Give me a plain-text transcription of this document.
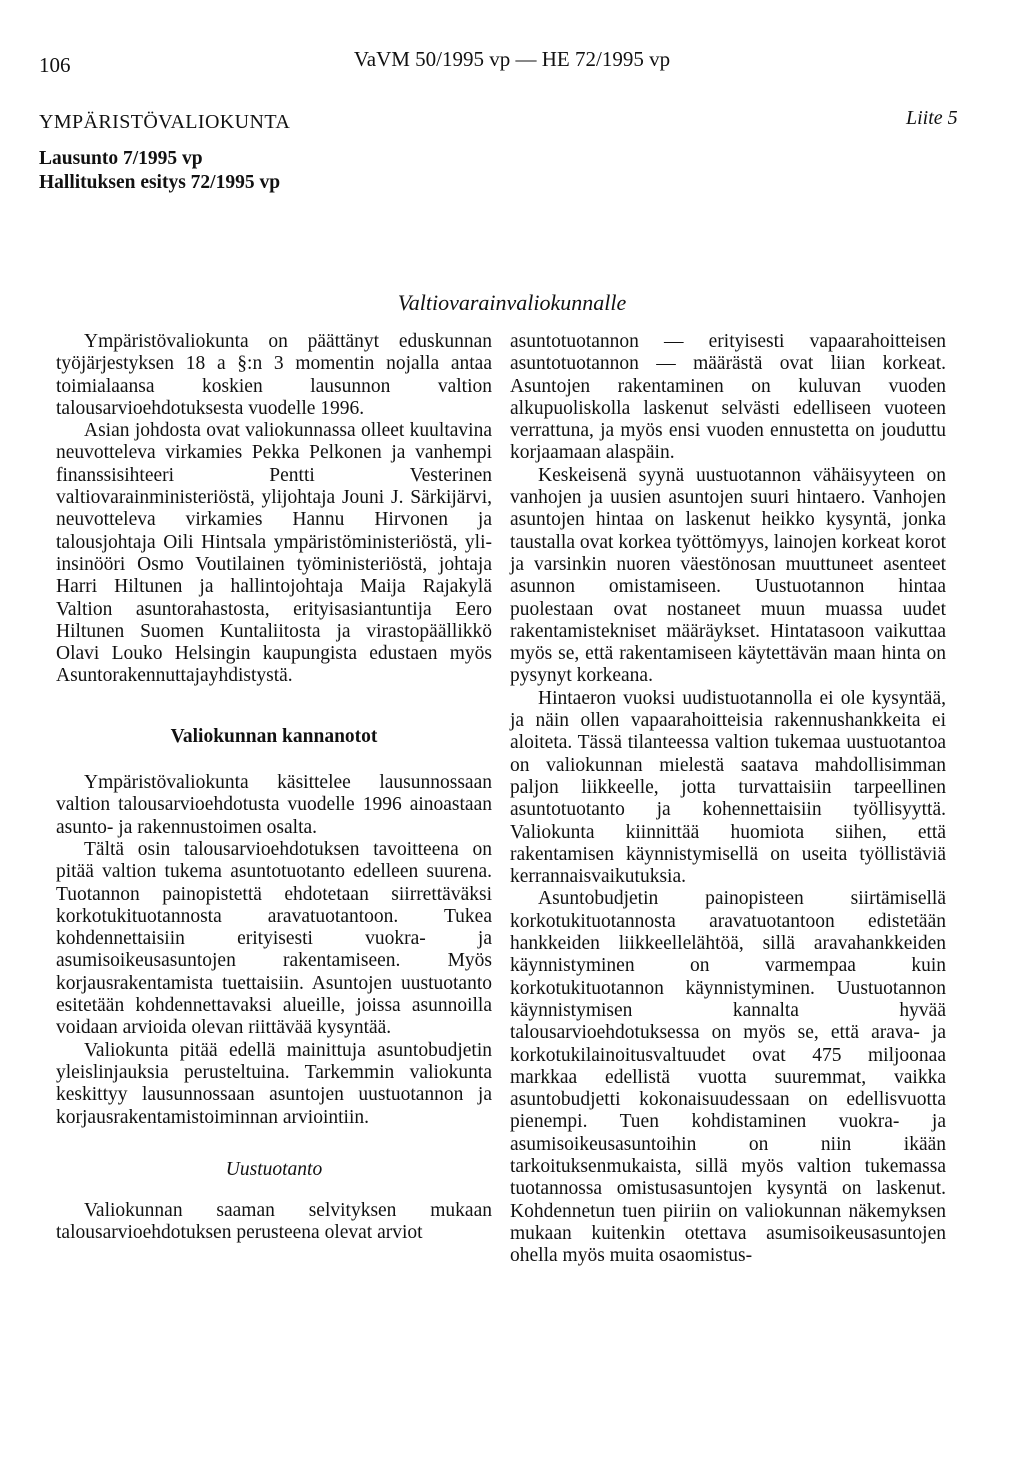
106	VaVM 50/1995 vp — HE 72/1995 vp
YMPÄRISTÖVALIOKUNTA	Liite 5
Lausunto 7/1995 vp
Hallituksen esitys 72/1995 vp
Valtiovarainvaliokunnalle

Ympäristövaliokunta on päättänyt eduskunnan työjärjestyksen 18 a §:n 3 momentin nojalla antaa toimialaansa koskien lausunnon valtion talousarvioehdotuksesta vuodelle 1996.

Asian johdosta ovat valiokunnassa olleet kuultavina neuvotteleva virkamies Pekka Pelkonen ja vanhempi finanssisihteeri Pentti Vesterinen valtiovarainministeriöstä, ylijohtaja Jouni J. Särkijärvi, neuvotteleva virkamies Hannu Hirvonen ja talousjohtaja Oili Hintsala ympäristöministeriöstä, yli-insinööri Osmo Voutilainen työministeriöstä, johtaja Harri Hiltunen ja hallintojohtaja Maija Rajakylä Valtion asuntorahastosta, erityisasiantuntija Eero Hiltunen Suomen Kuntaliitosta ja virastopäällikkö Olavi Louko Helsingin kaupungista edustaen myös Asuntorakennuttajayhdistystä.

Valiokunnan kannanotot

Ympäristövaliokunta käsittelee lausunnossaan valtion talousarvioehdotusta vuodelle 1996 ainoastaan asunto- ja rakennustoimen osalta.

Tältä osin talousarvioehdotuksen tavoitteena on pitää valtion tukema asuntotuotanto edelleen suurena. Tuotannon painopistettä ehdotetaan siirrettäväksi korkotukituotannosta aravatuotantoon. Tukea kohdennettaisiin erityisesti vuokra- ja asumisoikeusasuntojen rakentamiseen. Myös korjausrakentamista tuettaisiin. Asuntojen uustuotanto esitetään kohdennettavaksi alueille, joissa asunnoilla voidaan arvioida olevan riittävää kysyntää.

Valiokunta pitää edellä mainittuja asuntobudjetin yleislinjauksia perusteltuina. Tarkemmin valiokunta keskittyy lausunnossaan asuntojen uustuotannon ja korjausrakentamistoiminnan arviointiin.

Uustuotanto

Valiokunnan saaman selvityksen mukaan talousarvioehdotuksen perusteena olevat arviot

asuntotuotannon — erityisesti vapaarahoitteisen asuntotuotannon — määrästä ovat liian korkeat. Asuntojen rakentaminen on kuluvan vuoden alkupuoliskolla laskenut selvästi edelliseen vuoteen verrattuna, ja myös ensi vuoden ennustetta on jouduttu korjaamaan alaspäin.

Keskeisenä syynä uustuotannon vähäisyyteen on vanhojen ja uusien asuntojen suuri hintaero. Vanhojen asuntojen hintaa on laskenut heikko kysyntä, jonka taustalla ovat korkea työttömyys, lainojen korkeat korot ja varsinkin nuoren väestönosan muuttuneet asenteet asunnon omistamiseen. Uustuotannon hintaa puolestaan ovat nostaneet muun muassa uudet rakentamistekniset määräykset. Hintatasoon vaikuttaa myös se, että rakentamiseen käytettävän maan hinta on pysynyt korkeana.

Hintaeron vuoksi uudistuotannolla ei ole kysyntää, ja näin ollen vapaarahoitteisia rakennushankkeita ei aloiteta. Tässä tilanteessa valtion tukemaa uustuotantoa on valiokunnan mielestä saatava mahdollisimman paljon liikkeelle, jotta turvattaisiin tarpeellinen asuntotuotanto ja kohennettaisiin työllisyyttä. Valiokunta kiinnittää huomiota siihen, että rakentamisen käynnistymisellä on useita työllistäviä kerrannaisvaikutuksia.

Asuntobudjetin painopisteen siirtämisellä korkotukituotannosta aravatuotantoon edistetään hankkeiden liikkeellelähtöä, sillä aravahankkeiden käynnistyminen on varmempaa kuin korkotukituotannon käynnistyminen. Uustuotannon käynnistymisen kannalta hyvää talousarvioehdotuksessa on myös se, että arava- ja korkotukilainoitusvaltuudet ovat 475 miljoonaa markkaa edellistä vuotta suuremmat, vaikka asuntobudjetti kokonaisuudessaan on edellisvuotta pienempi. Tuen kohdistaminen vuokra- ja asumisoikeusasuntoihin on niin ikään tarkoituksenmukaista, sillä myös valtion tukemassa tuotannossa omistusasuntojen kysyntä on laskenut. Kohdennetun tuen piiriin on valiokunnan näkemyksen mukaan kuitenkin otettava asumisoikeusasuntojen ohella myös muita osaomistus-
